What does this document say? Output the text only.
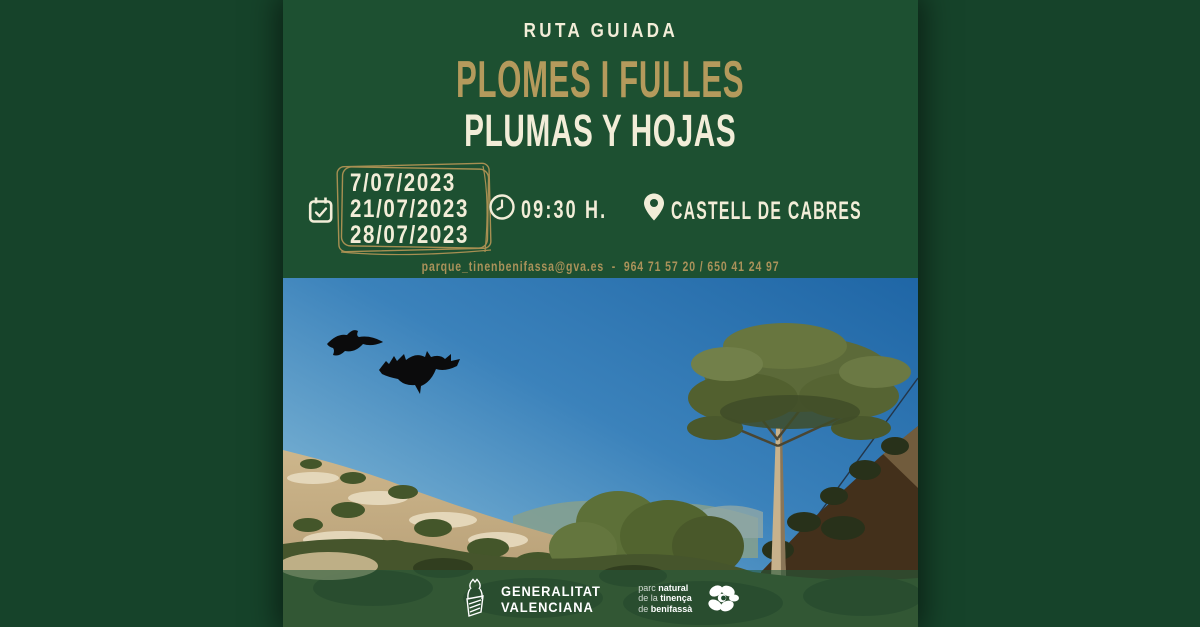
RUTA GUIADA
PLOMES I FULLES
PLUMAS Y HOJAS
7/07/2023
21/07/2023
28/07/2023
09:30 H.	CASTELL DE CABRES
parque_tinenbenifassa@gva.es - 964 71 57 20 / 650 41 24 97
GENERALITAT
VALENCIANA
parc natural
de la tinença
de benifassà
